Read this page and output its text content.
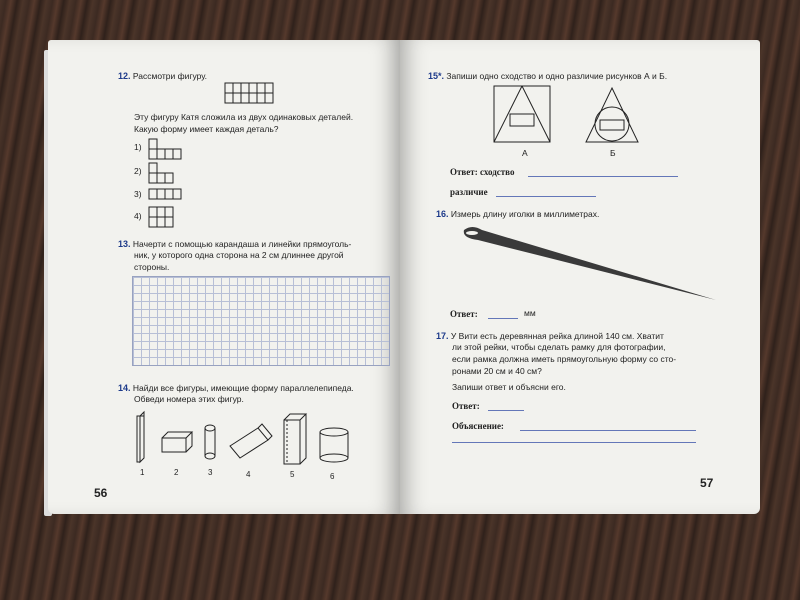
12. Рассмотри фигуру.
Эту фигуру Катя сложила из двух одинаковых деталей.
Какую форму имеет каждая деталь?
1)
2)
3)
4)
13. Начерти с помощью карандаша и линейки прямоуголь-
ник, у которого одна сторона на 2 см длиннее другой
стороны.
14. Найди все фигуры, имеющие форму параллелепипеда.
Обведи номера этих фигур.
1	2	3	4	5	6
56
15*. Запиши одно сходство и одно различие рисунков А и Б.
А	Б
Ответ: сходство
различие
16. Измерь длину иголки в миллиметрах.
Ответ:	мм
17. У Вити есть деревянная рейка длиной 140 см. Хватит
ли этой рейки, чтобы сделать рамку для фотографии,
если рамка должна иметь прямоугольную форму со сто-
ронами 20 см и 40 см?
Запиши ответ и объясни его.
Ответ:
Объяснение:
57
